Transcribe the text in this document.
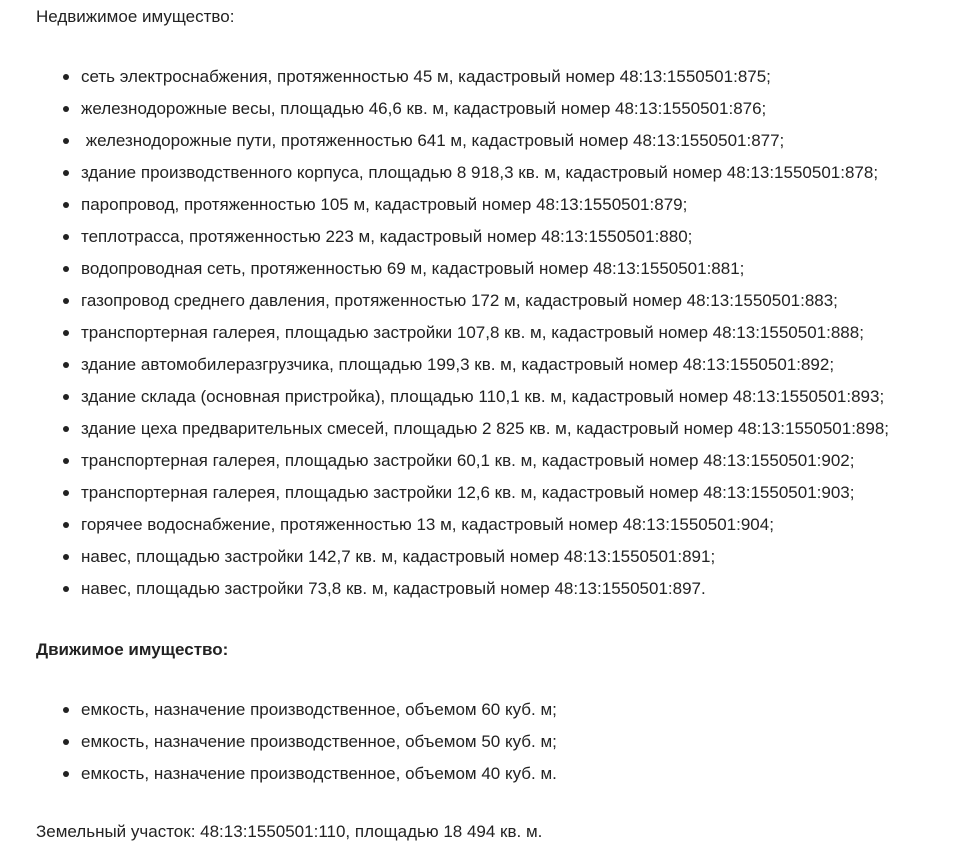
Недвижимое имущество:

сеть электроснабжения, протяженностью 45 м, кадастровый номер 48:13:1550501:875;
железнодорожные весы, площадью 46,6 кв. м, кадастровый номер 48:13:1550501:876;
железнодорожные пути, протяженностью 641 м, кадастровый номер 48:13:1550501:877;
здание производственного корпуса, площадью 8 918,3 кв. м, кадастровый номер 48:13:1550501:878;
паропровод, протяженностью 105 м, кадастровый номер 48:13:1550501:879;
теплотрасса, протяженностью 223 м, кадастровый номер 48:13:1550501:880;
водопроводная сеть, протяженностью 69 м, кадастровый номер 48:13:1550501:881;
газопровод среднего давления, протяженностью 172 м, кадастровый номер 48:13:1550501:883;
транспортерная галерея, площадью застройки 107,8 кв. м, кадастровый номер 48:13:1550501:888;
здание автомобилеразгрузчика, площадью 199,3 кв. м, кадастровый номер 48:13:1550501:892;
здание склада (основная пристройка), площадью 110,1 кв. м, кадастровый номер 48:13:1550501:893;
здание цеха предварительных смесей, площадью 2 825 кв. м, кадастровый номер 48:13:1550501:898;
транспортерная галерея, площадью застройки 60,1 кв. м, кадастровый номер 48:13:1550501:902;
транспортерная галерея, площадью застройки 12,6 кв. м, кадастровый номер 48:13:1550501:903;
горячее водоснабжение, протяженностью 13 м, кадастровый номер 48:13:1550501:904;
навес, площадью застройки 142,7 кв. м, кадастровый номер 48:13:1550501:891;
навес, площадью застройки 73,8 кв. м, кадастровый номер 48:13:1550501:897.

Движимое имущество:

емкость, назначение производственное, объемом 60 куб. м;
емкость, назначение производственное, объемом 50 куб. м;
емкость, назначение производственное, объемом 40 куб. м.

Земельный участок: 48:13:1550501:110, площадью 18 494 кв. м.
